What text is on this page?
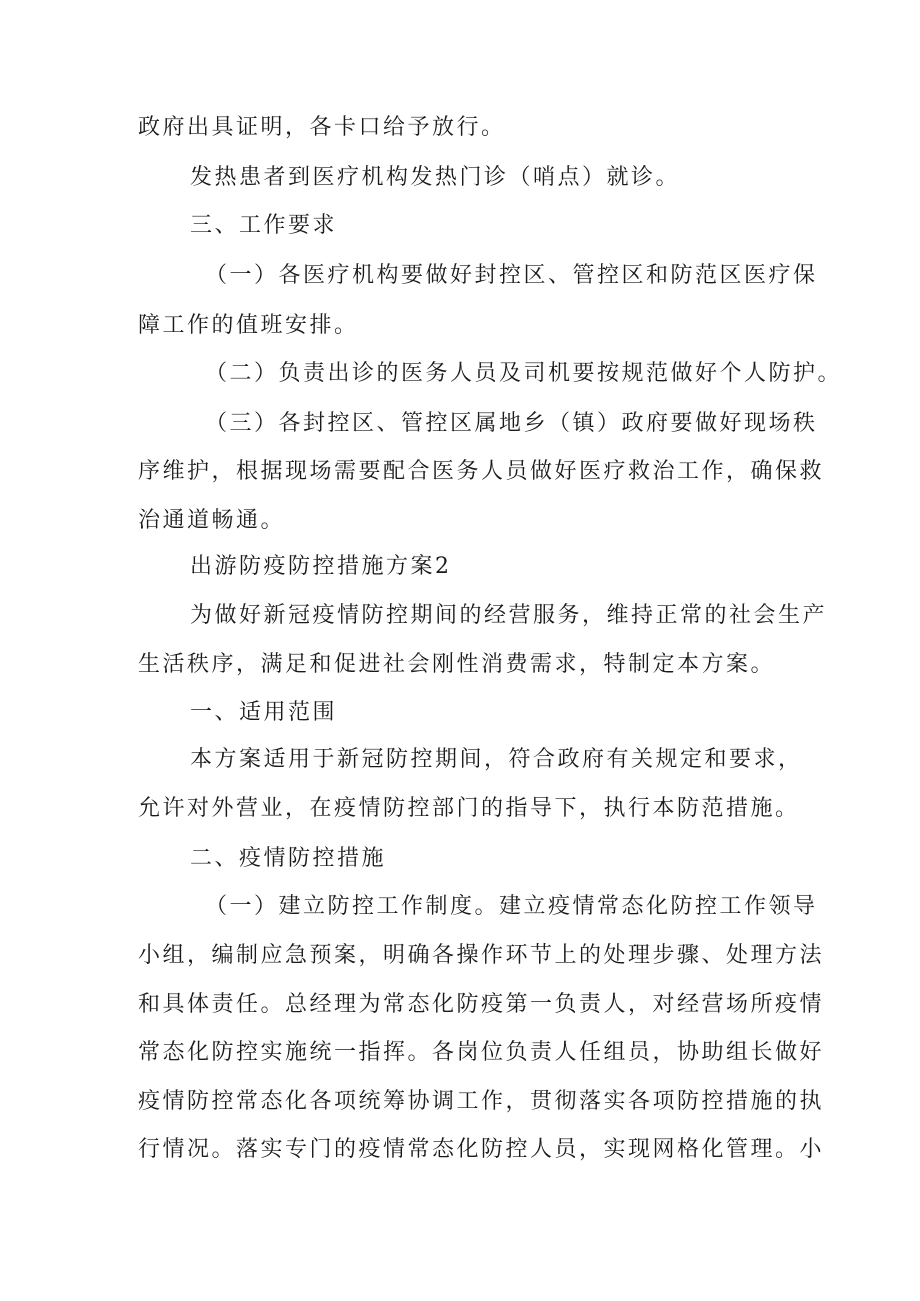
政府出具证明，各卡口给予放行。
发热患者到医疗机构发热门诊（哨点）就诊。
三、工作要求
（一）各医疗机构要做好封控区、管控区和防范区医疗保
障工作的值班安排。
（二）负责出诊的医务人员及司机要按规范做好个人防护。
（三）各封控区、管控区属地乡（镇）政府要做好现场秩
序维护，根据现场需要配合医务人员做好医疗救治工作，确保救
治通道畅通。
出游防疫防控措施方案2
为做好新冠疫情防控期间的经营服务，维持正常的社会生产
生活秩序，满足和促进社会刚性消费需求，特制定本方案。
一、适用范围
本方案适用于新冠防控期间，符合政府有关规定和要求，
允许对外营业，在疫情防控部门的指导下，执行本防范措施。
二、疫情防控措施
（一）建立防控工作制度。建立疫情常态化防控工作领导
小组，编制应急预案，明确各操作环节上的处理步骤、处理方法
和具体责任。总经理为常态化防疫第一负责人，对经营场所疫情
常态化防控实施统一指挥。各岗位负责人任组员，协助组长做好
疫情防控常态化各项统筹协调工作，贯彻落实各项防控措施的执
行情况。落实专门的疫情常态化防控人员，实现网格化管理。小
